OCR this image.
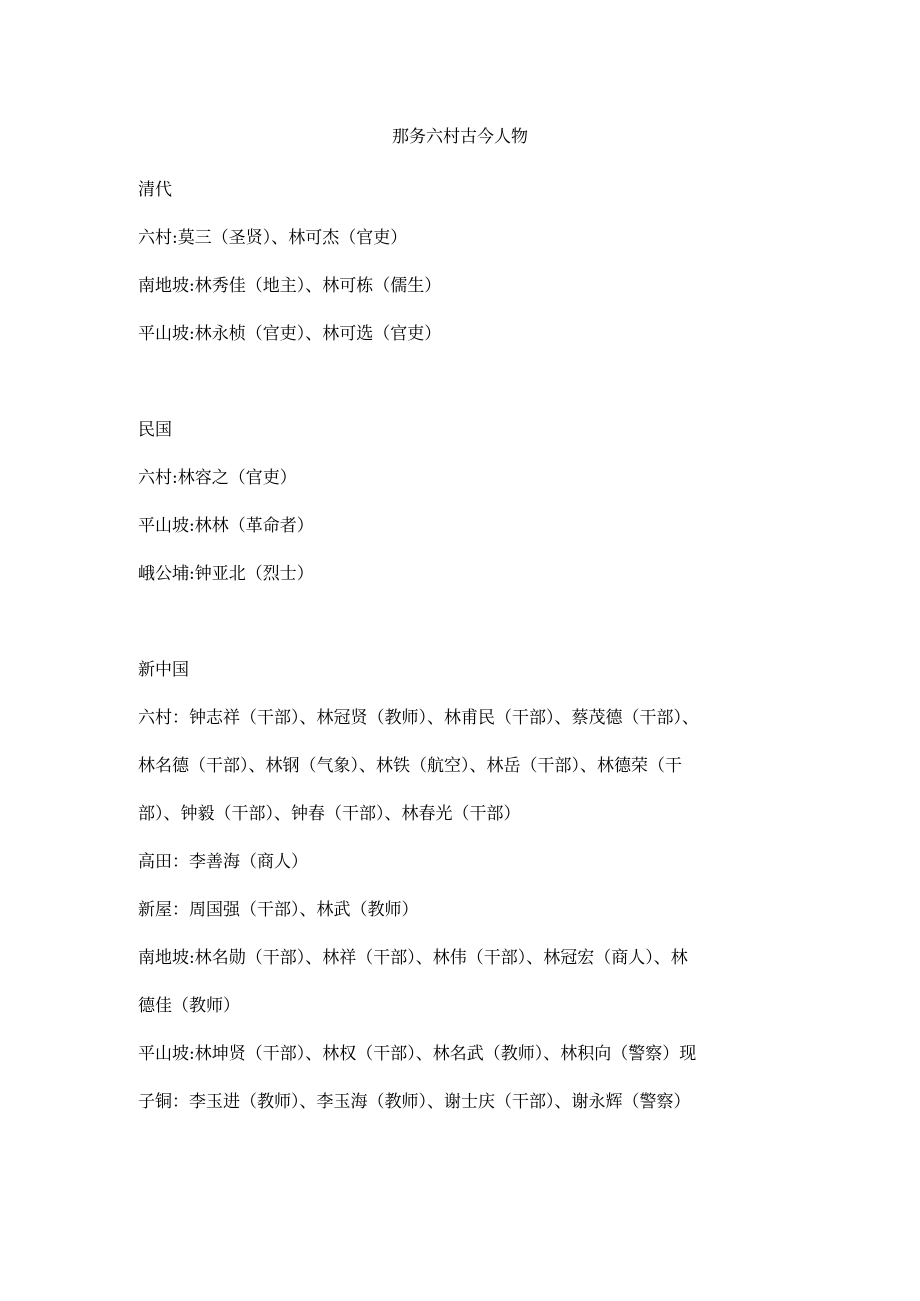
那务六村古今人物

清代

六村:莫三（圣贤）、林可杰（官吏）

南地坡:林秀佳（地主）、林可栋（儒生）

平山坡:林永桢（官吏）、林可选（官吏）

民国

六村:林容之（官吏）

平山坡:林林（革命者）

峨公埔:钟亚北（烈士）

新中国

六村：钟志祥（干部）、林冠贤（教师）、林甫民（干部）、蔡茂德（干部）、

林名德（干部）、林钢（气象）、林铁（航空）、林岳（干部）、林德荣（干

部）、钟毅（干部）、钟春（干部）、林春光（干部）

高田：李善海（商人）

新屋：周国强（干部）、林武（教师）

南地坡:林名勋（干部）、林祥（干部）、林伟（干部）、林冠宏（商人）、林

德佳（教师）

平山坡:林坤贤（干部）、林权（干部）、林名武（教师）、林积向（警察）现

子铜：李玉进（教师）、李玉海（教师）、谢士庆（干部）、谢永辉（警察）
